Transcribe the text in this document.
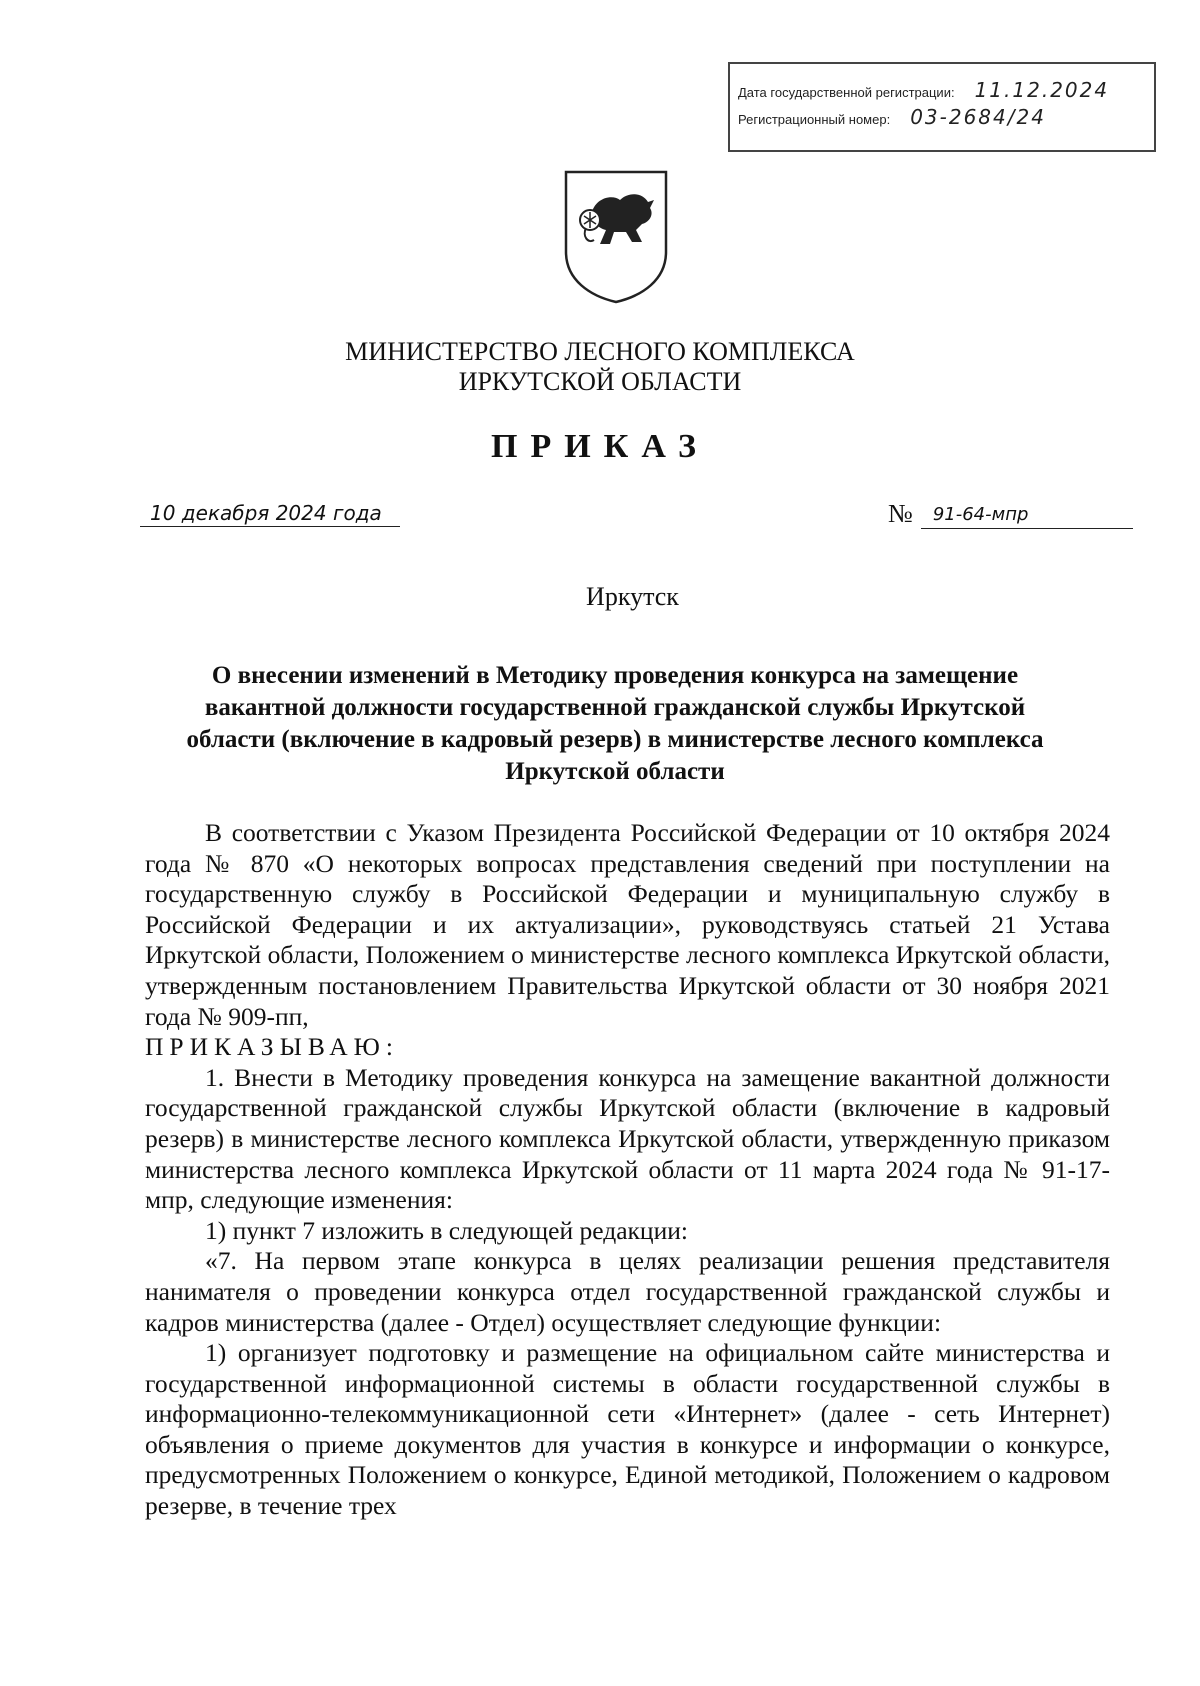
Дата государственной регистрации: 11.12.2024
Регистрационный номер: 03-2684/24
МИНИСТЕРСТВО ЛЕСНОГО КОМПЛЕКСА
ИРКУТСКОЙ ОБЛАСТИ
ПРИКАЗ
10 декабря 2024 года	№	91-64-мпр
Иркутск
О внесении изменений в Методику проведения конкурса на замещение вакантной должности государственной гражданской службы Иркутской области (включение в кадровый резерв) в министерстве лесного комплекса Иркутской области

В соответствии с Указом Президента Российской Федерации от 10 октября 2024 года № 870 «О некоторых вопросах представления сведений при поступлении на государственную службу в Российской Федерации и муниципальную службу в Российской Федерации и их актуализации», руководствуясь статьей 21 Устава Иркутской области, Положением о министерстве лесного комплекса Иркутской области, утвержденным постановлением Правительства Иркутской области от 30 ноября 2021 года № 909-пп,

ПРИКАЗЫВАЮ:

1. Внести в Методику проведения конкурса на замещение вакантной должности государственной гражданской службы Иркутской области (включение в кадровый резерв) в министерстве лесного комплекса Иркутской области, утвержденную приказом министерства лесного комплекса Иркутской области от 11 марта 2024 года № 91-17-мпр, следующие изменения:

1) пункт 7 изложить в следующей редакции:

«7. На первом этапе конкурса в целях реализации решения представителя нанимателя о проведении конкурса отдел государственной гражданской службы и кадров министерства (далее - Отдел) осуществляет следующие функции:

1) организует подготовку и размещение на официальном сайте министерства и государственной информационной системы в области государственной службы в информационно-телекоммуникационной сети «Интернет» (далее - сеть Интернет) объявления о приеме документов для участия в конкурсе и информации о конкурсе, предусмотренных Положением о конкурсе, Единой методикой, Положением о кадровом резерве, в течение трех
